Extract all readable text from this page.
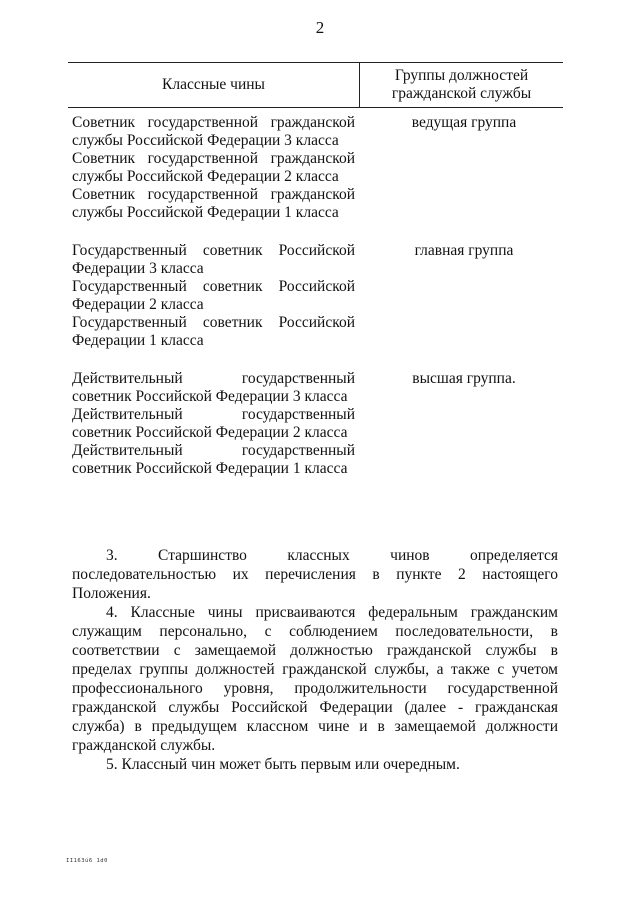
2
Классные чины
Группы должностей
гражданской службы
Советник государственной гражданской службы Российской Федерации 3 класса
Советник государственной гражданской службы Российской Федерации 2 класса
Советник государственной гражданской службы Российской Федерации 1 класса
ведущая группа
Государственный советник Российской Федерации 3 класса
Государственный советник Российской Федерации 2 класса
Государственный советник Российской Федерации 1 класса
главная группа
Действительный государственный советник Российской Федерации 3 класса
Действительный государственный советник Российской Федерации 2 класса
Действительный государственный советник Российской Федерации 1 класса
высшая группа.

3. Старшинство классных чинов определяется последовательностью их перечисления в пункте 2 настоящего Положения.

4. Классные чины присваиваются федеральным гражданским служащим персонально, с соблюдением последовательности, в соответствии с замещаемой должностью гражданской службы в пределах группы должностей гражданской службы, а также с учетом профессионального уровня, продолжительности государственной гражданской службы Российской Федерации (далее - гражданская служба) в предыдущем классном чине и в замещаемой должности гражданской службы.

5. Классный чин может быть первым или очередным.

II163ú6 1d0
